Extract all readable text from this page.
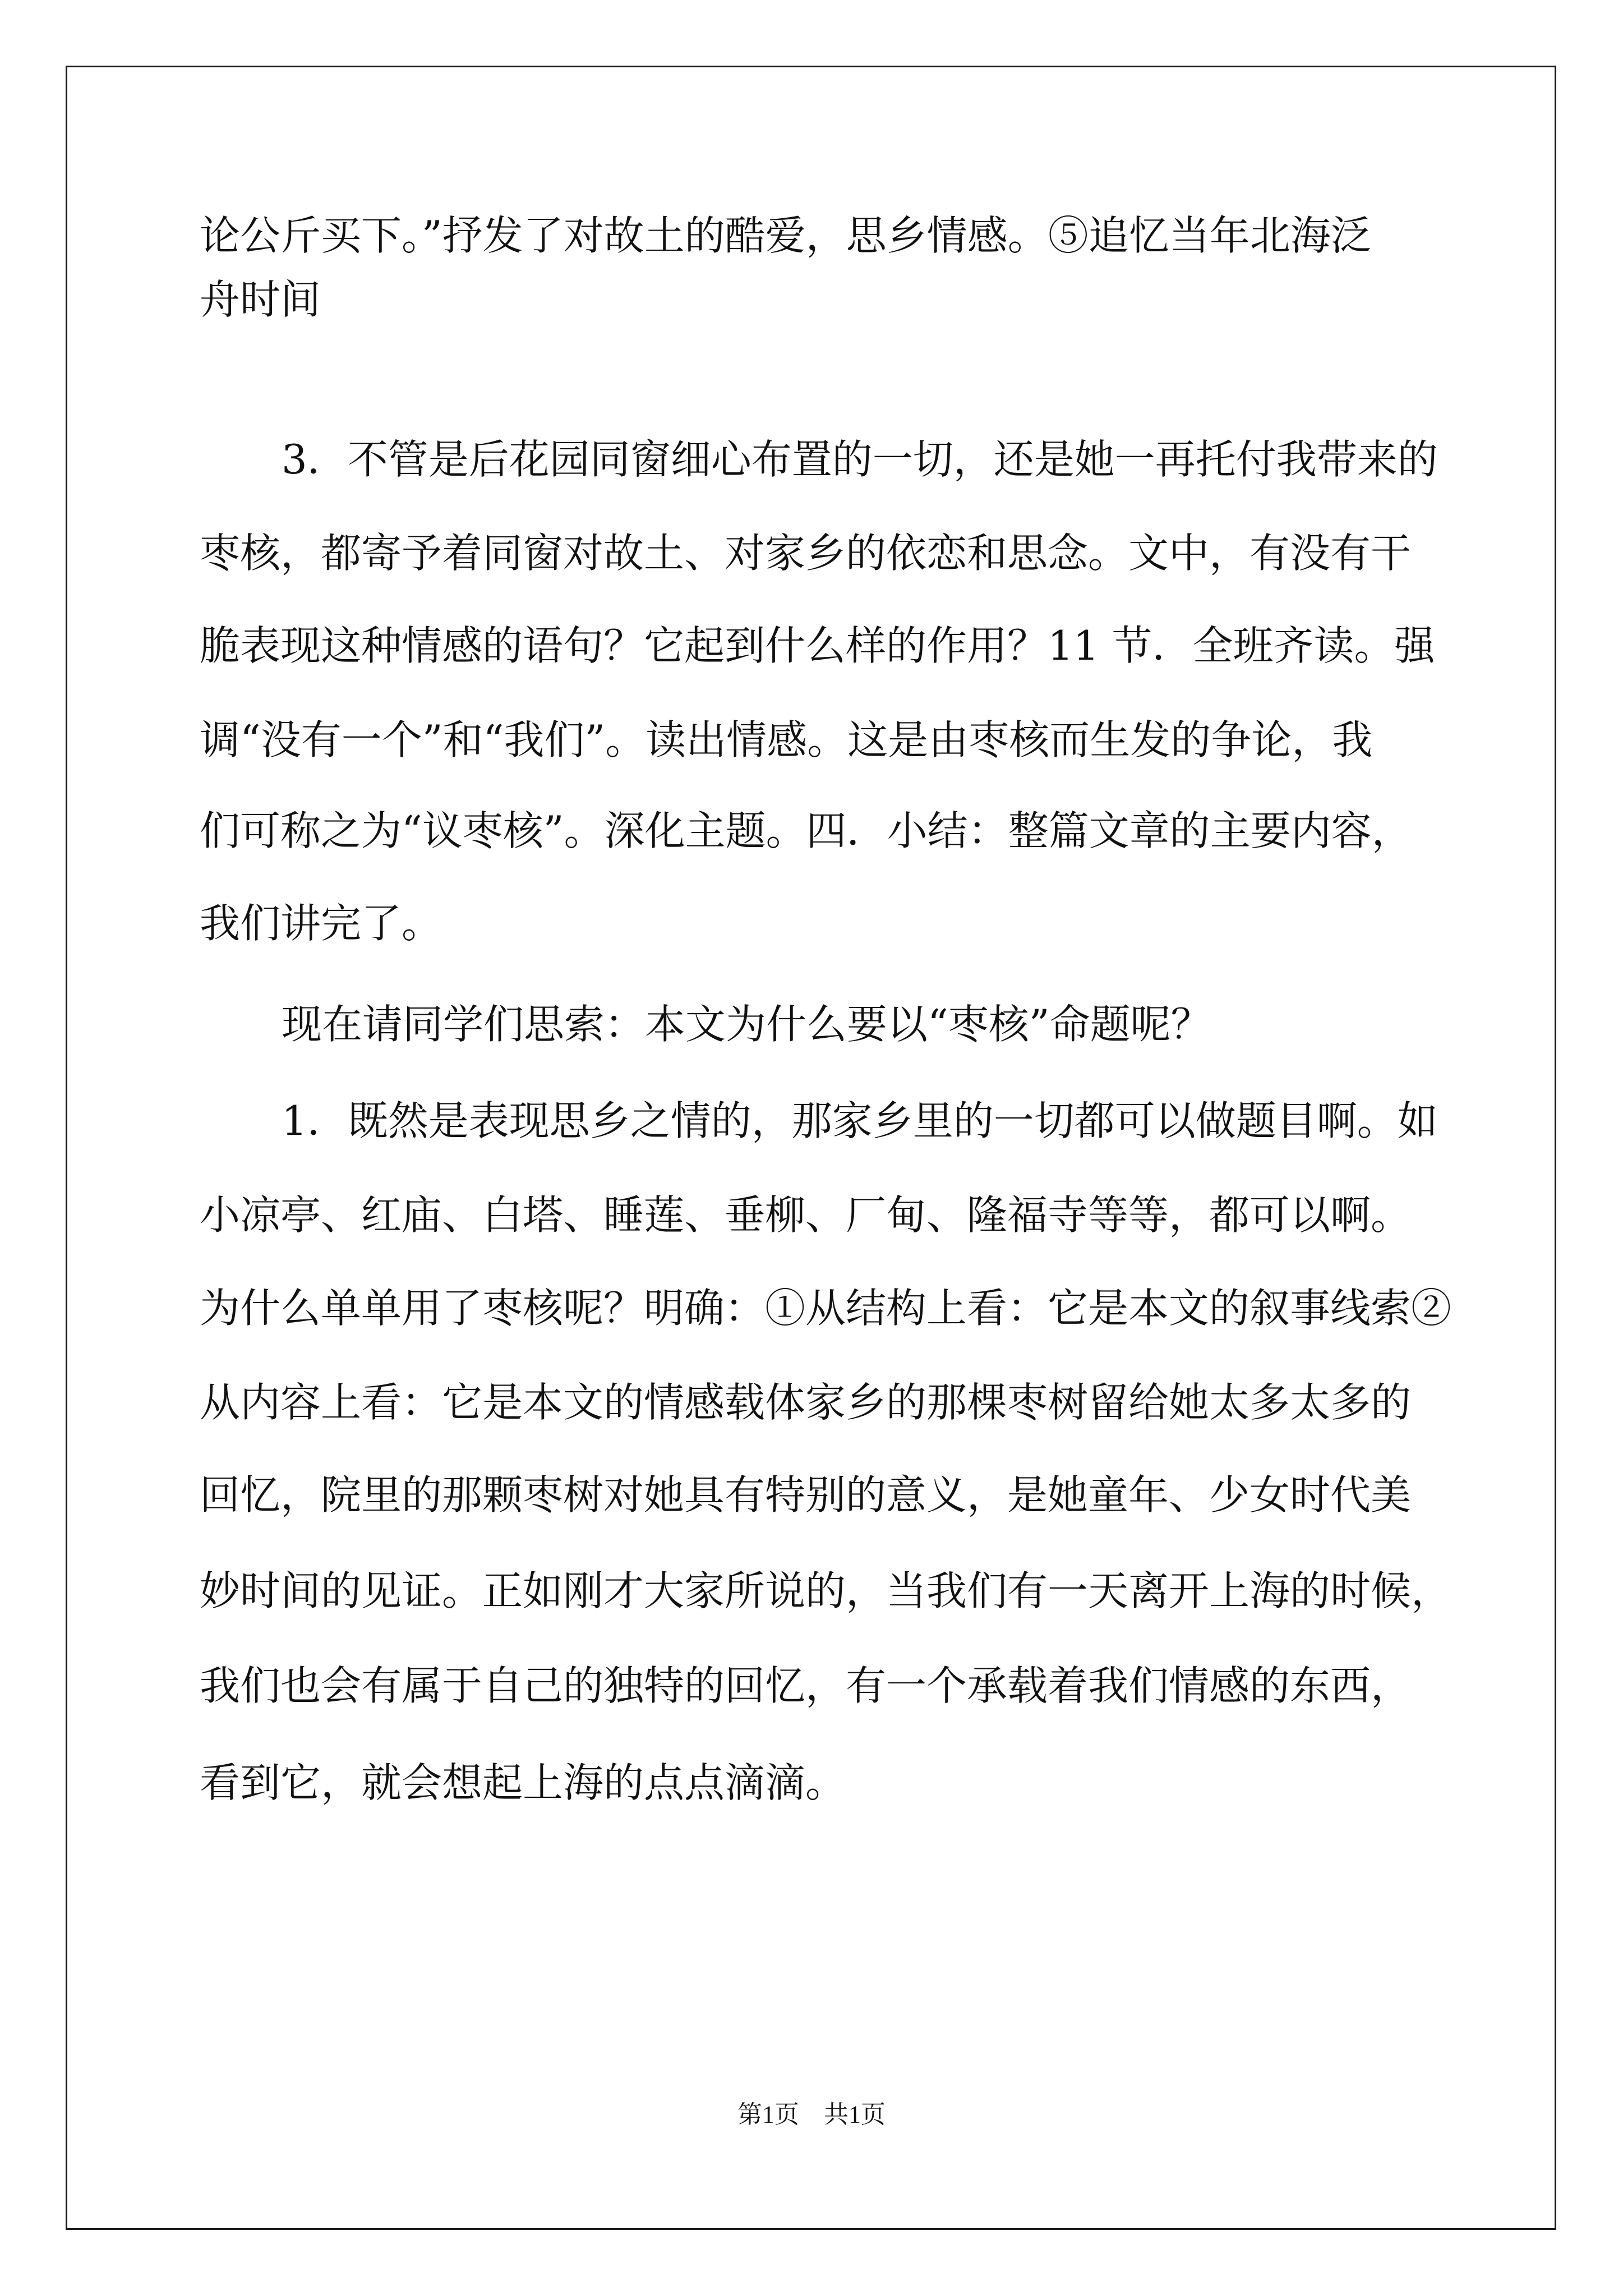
论公斤买下。”抒发了对故土的酷爱，思乡情感。⑤追忆当年北海泛
舟时间
3．不管是后花园同窗细心布置的一切，还是她一再托付我带来的
枣核，都寄予着同窗对故土、对家乡的依恋和思念。文中，有没有干
脆表现这种情感的语句？它起到什么样的作用？11 节．全班齐读。强
调“没有一个”和“我们”。读出情感。这是由枣核而生发的争论，我
们可称之为“议枣核”。深化主题。四．小结：整篇文章的主要内容，
我们讲完了。
现在请同学们思索：本文为什么要以“枣核”命题呢？
1．既然是表现思乡之情的，那家乡里的一切都可以做题目啊。如
小凉亭、红庙、白塔、睡莲、垂柳、厂甸、隆福寺等等，都可以啊。
为什么单单用了枣核呢？明确：①从结构上看：它是本文的叙事线索②
从内容上看：它是本文的情感载体家乡的那棵枣树留给她太多太多的
回忆，院里的那颗枣树对她具有特别的意义，是她童年、少女时代美
妙时间的见证。正如刚才大家所说的，当我们有一天离开上海的时候，
我们也会有属于自己的独特的回忆，有一个承载着我们情感的东西，
看到它，就会想起上海的点点滴滴。
第1页　共1页
